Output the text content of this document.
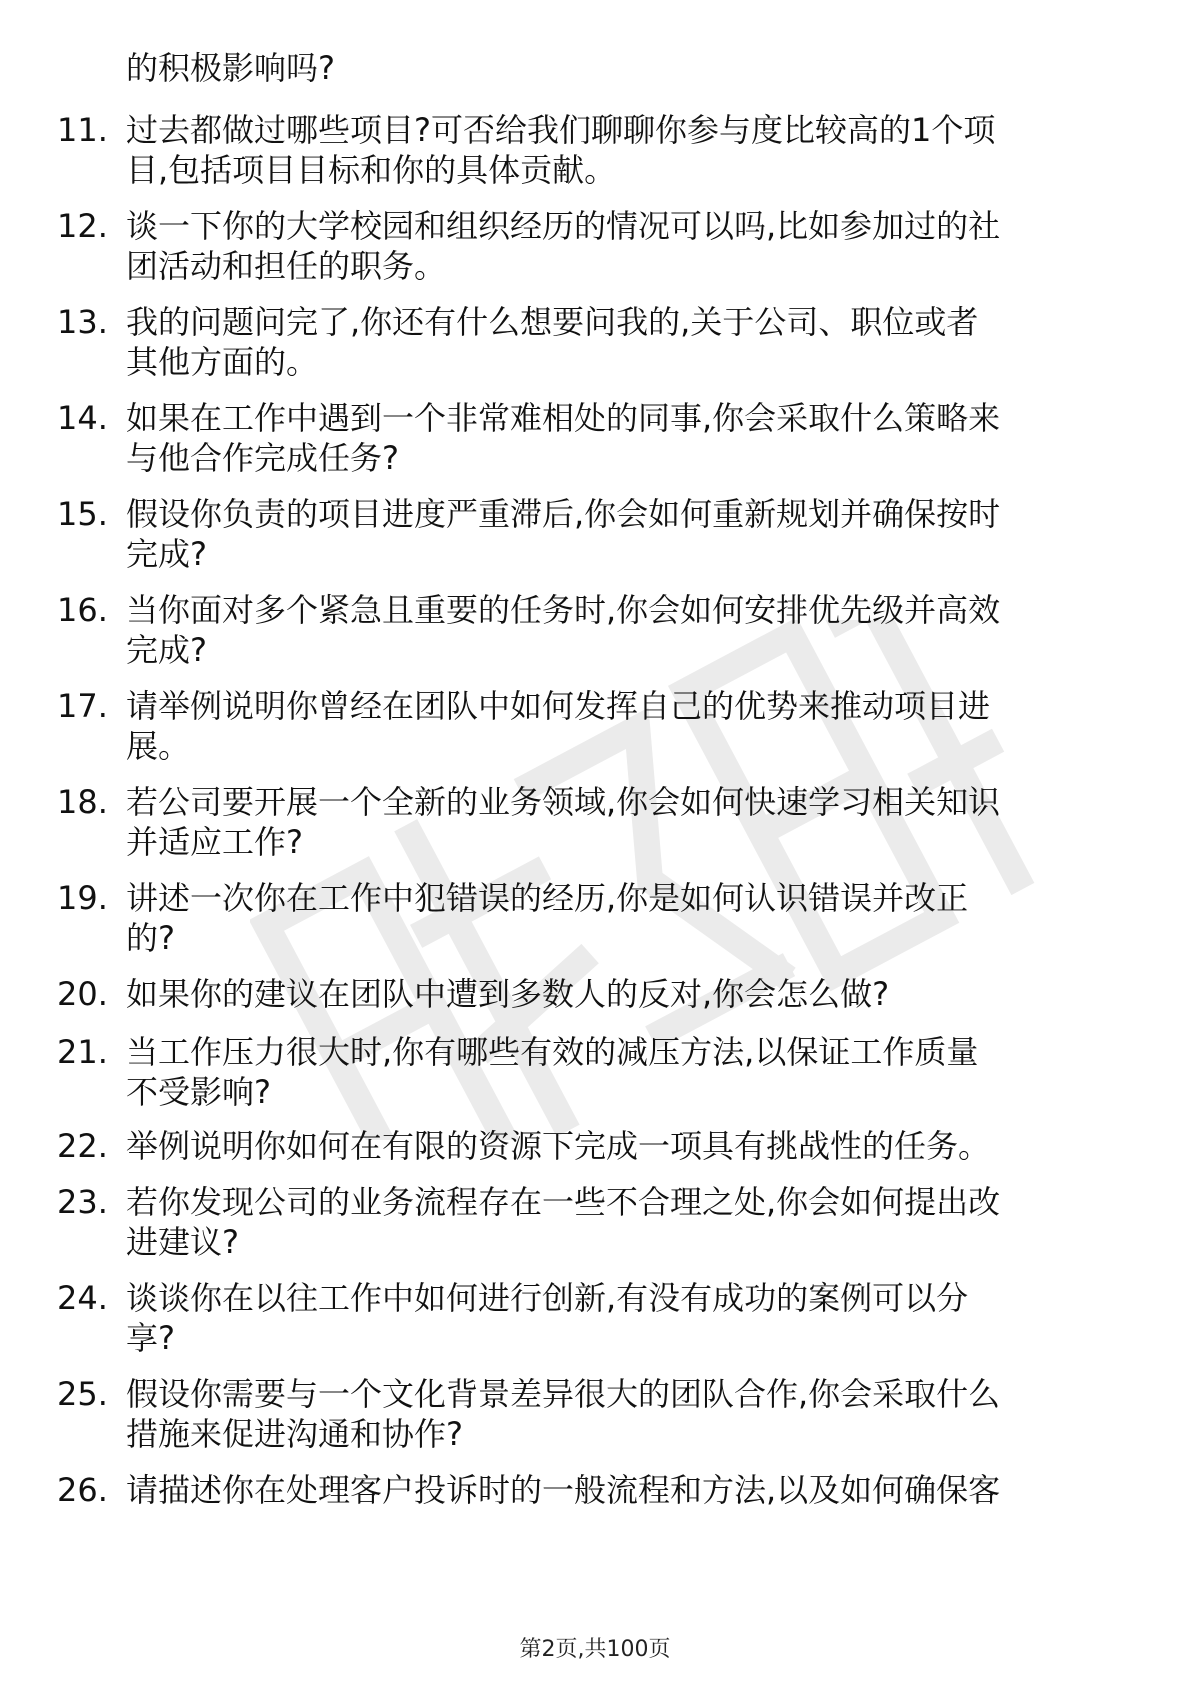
的积极影响吗?
11. 过去都做过哪些项目?可否给我们聊聊你参与度比较高的1个项
目,包括项目目标和你的具体贡献。
12. 谈一下你的大学校园和组织经历的情况可以吗,比如参加过的社
团活动和担任的职务。
13. 我的问题问完了,你还有什么想要问我的,关于公司、职位或者
其他方面的。
14. 如果在工作中遇到一个非常难相处的同事,你会采取什么策略来
与他合作完成任务?
15. 假设你负责的项目进度严重滞后,你会如何重新规划并确保按时
完成?
16. 当你面对多个紧急且重要的任务时,你会如何安排优先级并高效
完成?
17. 请举例说明你曾经在团队中如何发挥自己的优势来推动项目进
展。
18. 若公司要开展一个全新的业务领域,你会如何快速学习相关知识
并适应工作?
19. 讲述一次你在工作中犯错误的经历,你是如何认识错误并改正
的?
20. 如果你的建议在团队中遭到多数人的反对,你会怎么做?
21. 当工作压力很大时,你有哪些有效的减压方法,以保证工作质量
不受影响?
22. 举例说明你如何在有限的资源下完成一项具有挑战性的任务。
23. 若你发现公司的业务流程存在一些不合理之处,你会如何提出改
进建议?
24. 谈谈你在以往工作中如何进行创新,有没有成功的案例可以分
享?
25. 假设你需要与一个文化背景差异很大的团队合作,你会采取什么
措施来促进沟通和协作?
26. 请描述你在处理客户投诉时的一般流程和方法,以及如何确保客
第2页,共100页
